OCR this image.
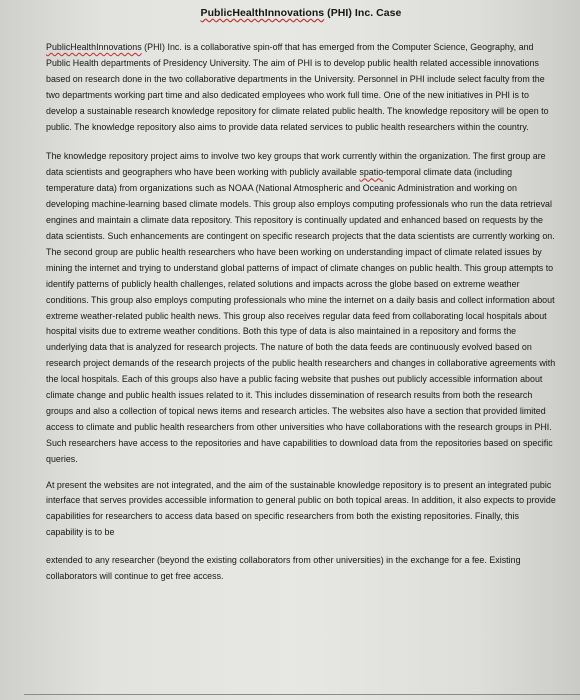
PublicHealthInnovations (PHI) Inc. Case

PublicHealthInnovations (PHI) Inc. is a collaborative spin-off that has emerged from the Computer Science, Geography, and Public Health departments of Presidency University. The aim of PHI is to develop public health related accessible innovations based on research done in the two collaborative departments in the University. Personnel in PHI include select faculty from the two departments working part time and also dedicated employees who work full time. One of the new initiatives in PHI is to develop a sustainable research knowledge repository for climate related public health. The knowledge repository will be open to public. The knowledge repository also aims to provide data related services to public health researchers within the country.

The knowledge repository project aims to involve two key groups that work currently within the organization. The first group are data scientists and geographers who have been working with publicly available spatio-temporal climate data (including temperature data) from organizations such as NOAA (National Atmospheric and Oceanic Administration and working on developing machine-learning based climate models. This group also employs computing professionals who run the data retrieval engines and maintain a climate data repository. This repository is continually updated and enhanced based on requests by the data scientists. Such enhancements are contingent on specific research projects that the data scientists are currently working on. The second group are public health researchers who have been working on understanding impact of climate related issues by mining the internet and trying to understand global patterns of impact of climate changes on public health. This group attempts to identify patterns of publicly health challenges, related solutions and impacts across the globe based on extreme weather conditions. This group also employs computing professionals who mine the internet on a daily basis and collect information about extreme weather-related public health news. This group also receives regular data feed from collaborating local hospitals about hospital visits due to extreme weather conditions. Both this type of data is also maintained in a repository and forms the underlying data that is analyzed for research projects. The nature of both the data feeds are continuously evolved based on research project demands of the research projects of the public health researchers and changes in collaborative agreements with the local hospitals. Each of this groups also have a public facing website that pushes out publicly accessible information about climate change and public health issues related to it. This includes dissemination of research results from both the research groups and also a collection of topical news items and research articles. The websites also have a section that provided limited access to climate and public health researchers from other universities who have collaborations with the research groups in PHI. Such researchers have access to the repositories and have capabilities to download data from the repositories based on specific queries.

At present the websites are not integrated, and the aim of the sustainable knowledge repository is to present an integrated pubic interface that serves provides accessible information to general public on both topical areas. In addition, it also expects to provide capabilities for researchers to access data based on specific researchers from both the existing repositories. Finally, this capability is to be

extended to any researcher (beyond the existing collaborators from other universities) in the exchange for a fee. Existing collaborators will continue to get free access.
